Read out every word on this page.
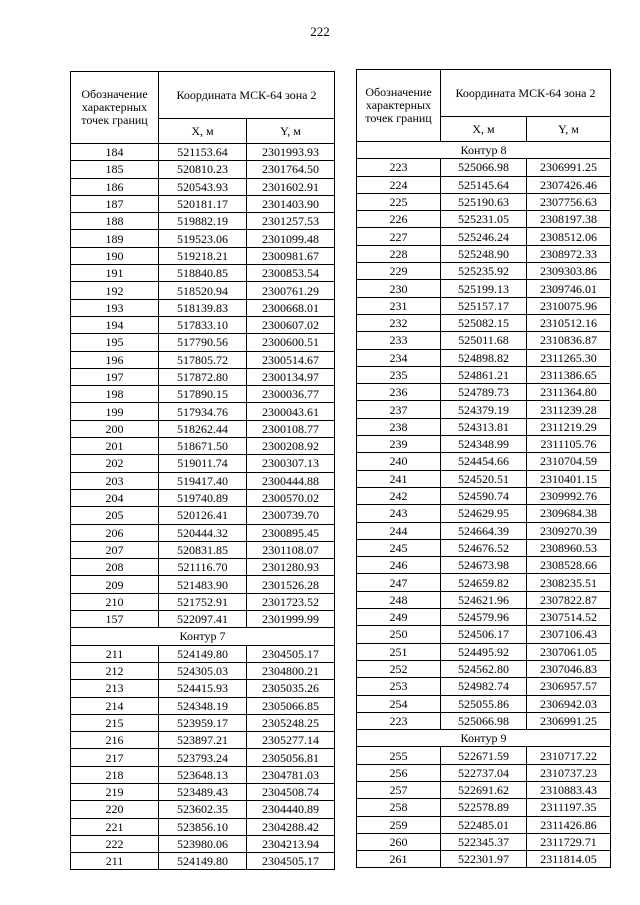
222
Обозначение характерных точек границ	Координата МСК-64 зона 2	
	X, м	Y, м
184	521153.64	2301993.93
185	520810.23	2301764.50
186	520543.93	2301602.91
187	520181.17	2301403.90
188	519882.19	2301257.53
189	519523.06	2301099.48
190	519218.21	2300981.67
191	518840.85	2300853.54
192	518520.94	2300761.29
193	518139.83	2300668.01
194	517833.10	2300607.02
195	517790.56	2300600.51
196	517805.72	2300514.67
197	517872.80	2300134.97
198	517890.15	2300036.77
199	517934.76	2300043.61
200	518262.44	2300108.77
201	518671.50	2300208.92
202	519011.74	2300307.13
203	519417.40	2300444.88
204	519740.89	2300570.02
205	520126.41	2300739.70
206	520444.32	2300895.45
207	520831.85	2301108.07
208	521116.70	2301280.93
209	521483.90	2301526.28
210	521752.91	2301723.52
157	522097.41	2301999.99
Контур 7		
211	524149.80	2304505.17
212	524305.03	2304800.21
213	524415.93	2305035.26
214	524348.19	2305066.85
215	523959.17	2305248.25
216	523897.21	2305277.14
217	523793.24	2305056.81
218	523648.13	2304781.03
219	523489.43	2304508.74
220	523602.35	2304440.89
221	523856.10	2304288.42
222	523980.06	2304213.94
211	524149.80	2304505.17
Обозначение характерных точек границ	Координата МСК-64 зона 2	
	X, м	Y, м
Контур 8		
223	525066.98	2306991.25
224	525145.64	2307426.46
225	525190.63	2307756.63
226	525231.05	2308197.38
227	525246.24	2308512.06
228	525248.90	2308972.33
229	525235.92	2309303.86
230	525199.13	2309746.01
231	525157.17	2310075.96
232	525082.15	2310512.16
233	525011.68	2310836.87
234	524898.82	2311265.30
235	524861.21	2311386.65
236	524789.73	2311364.80
237	524379.19	2311239.28
238	524313.81	2311219.29
239	524348.99	2311105.76
240	524454.66	2310704.59
241	524520.51	2310401.15
242	524590.74	2309992.76
243	524629.95	2309684.38
244	524664.39	2309270.39
245	524676.52	2308960.53
246	524673.98	2308528.66
247	524659.82	2308235.51
248	524621.96	2307822.87
249	524579.96	2307514.52
250	524506.17	2307106.43
251	524495.92	2307061.05
252	524562.80	2307046.83
253	524982.74	2306957.57
254	525055.86	2306942.03
223	525066.98	2306991.25
Контур 9		
255	522671.59	2310717.22
256	522737.04	2310737.23
257	522691.62	2310883.43
258	522578.89	2311197.35
259	522485.01	2311426.86
260	522345.37	2311729.71
261	522301.97	2311814.05
